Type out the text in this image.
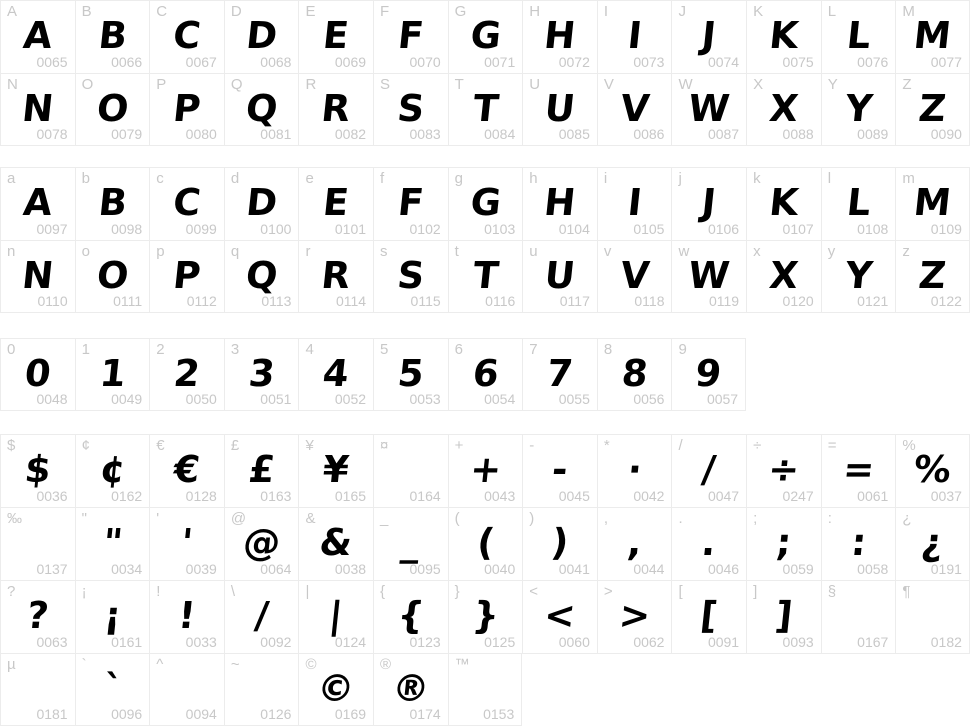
A
A
0065
B
B
0066
C
C
0067
D
D
0068
E
E
0069
F
F
0070
G
G
0071
H
H
0072
I
I
0073
J
J
0074
K
K
0075
L
L
0076
M
M
0077
N
N
0078
O
O
0079
P
P
0080
Q
Q
0081
R
R
0082
S
S
0083
T
T
0084
U
U
0085
V
V
0086
W
W
0087
X
X
0088
Y
Y
0089
Z
Z
0090
a
A
0097
b
B
0098
c
C
0099
d
D
0100
e
E
0101
f
F
0102
g
G
0103
h
H
0104
i
I
0105
j
J
0106
k
K
0107
l
L
0108
m
M
0109
n
N
0110
o
O
0111
p
P
0112
q
Q
0113
r
R
0114
s
S
0115
t
T
0116
u
U
0117
v
V
0118
w
W
0119
x
X
0120
y
Y
0121
z
Z
0122
0
0
0048
1
1
0049
2
2
0050
3
3
0051
4
4
0052
5
5
0053
6
6
0054
7
7
0055
8
8
0056
9
9
0057
$
$
0036
¢
¢
0162
€
€
0128
£
£
0163
¥
¥
0165
¤
0164
+
+
0043
-
-
0045
*
·
0042
/
/
0047
÷
÷
0247
=
=
0061
%
%
0037
‰
0137
"
"
0034
'
'
0039
@
@
0064
&
&
0038
_
_
0095
(
(
0040
)
)
0041
,
,
0044
.
.
0046
;
;
0059
:
:
0058
¿
¿
0191
?
?
0063
¡
¡
0161
!
!
0033
\
/
0092
|
|
0124
{
{
0123
}
}
0125
<
<
0060
>
>
0062
[
[
0091
]
]
0093
§
0167
¶
0182
µ
0181
`
`
0096
^
0094
~
0126
©
©
0169
®
®
0174
™
0153
